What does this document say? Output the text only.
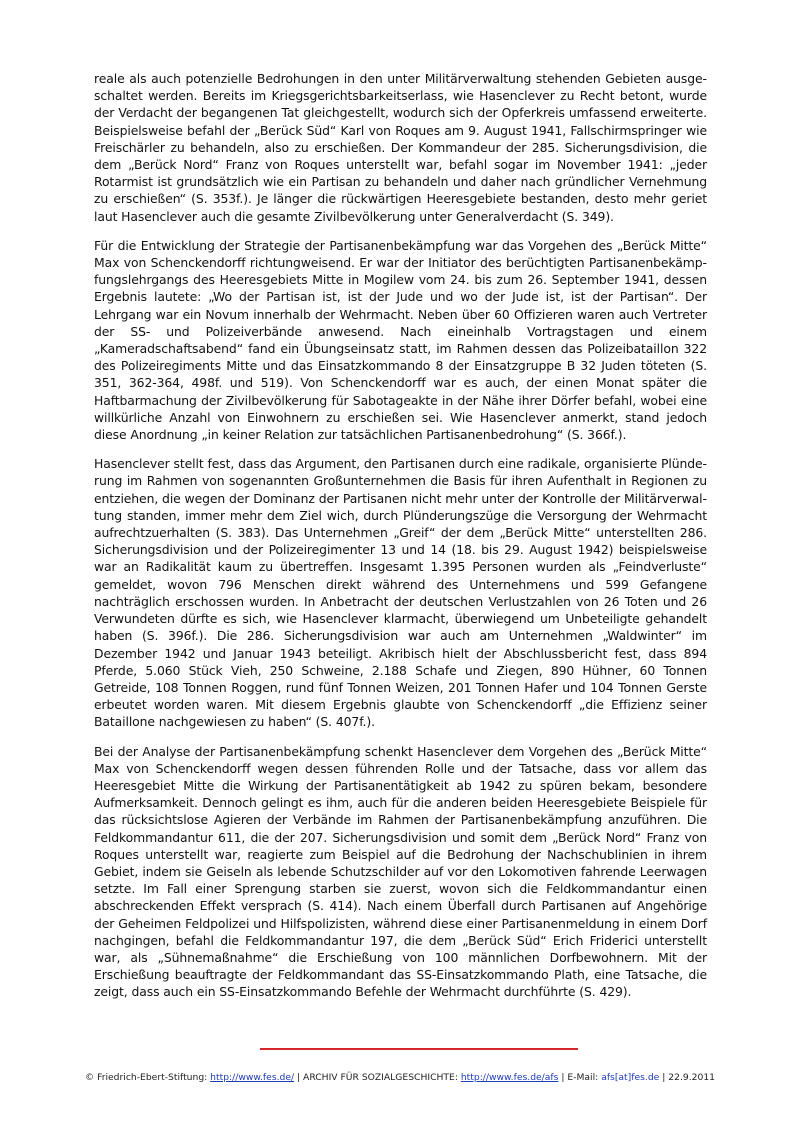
reale als auch potenzielle Bedrohungen in den unter Militärverwaltung stehenden Gebieten ausgeschaltet werden. Bereits im Kriegsgerichtsbarkeitserlass, wie Hasenclever zu Recht betont, wurde der Verdacht der begangenen Tat gleichgestellt, wodurch sich der Opferkreis umfassend erweiterte. Beispielsweise befahl der „Berück Süd“ Karl von Roques am 9. August 1941, Fallschirmspringer wie Freischärler zu behandeln, also zu erschießen. Der Kommandeur der 285. Sicherungsdivision, die dem „Berück Nord“ Franz von Roques unterstellt war, befahl sogar im November 1941: „jeder Rotarmist ist grundsätzlich wie ein Partisan zu behandeln und daher nach gründlicher Vernehmung zu erschießen“ (S. 353f.). Je länger die rückwärtigen Heeresgebiete bestanden, desto mehr geriet laut Hasenclever auch die gesamte Zivilbevölkerung unter Generalverdacht (S. 349).

Für die Entwicklung der Strategie der Partisanenbekämpfung war das Vorgehen des „Berück Mitte“ Max von Schenckendorff richtungweisend. Er war der Initiator des berüchtigten Partisanenbekämpfungslehrgangs des Heeresgebiets Mitte in Mogilew vom 24. bis zum 26. September 1941, dessen Ergebnis lautete: „Wo der Partisan ist, ist der Jude und wo der Jude ist, ist der Partisan“. Der Lehrgang war ein Novum innerhalb der Wehrmacht. Neben über 60 Offizieren waren auch Vertreter der SS- und Polizeiverbände anwesend. Nach eineinhalb Vortragstagen und einem „Kameradschaftsabend“ fand ein Übungseinsatz statt, im Rahmen dessen das Polizeibataillon 322 des Polizeiregiments Mitte und das Einsatzkommando 8 der Einsatzgruppe B 32 Juden töteten (S. 351, 362-364, 498f. und 519). Von Schenckendorff war es auch, der einen Monat später die Haftbarmachung der Zivilbevölkerung für Sabotageakte in der Nähe ihrer Dörfer befahl, wobei eine willkürliche Anzahl von Einwohnern zu erschießen sei. Wie Hasenclever anmerkt, stand jedoch diese Anordnung „in keiner Relation zur tatsächlichen Partisanenbedrohung“ (S. 366f.).

Hasenclever stellt fest, dass das Argument, den Partisanen durch eine radikale, organisierte Plünderung im Rahmen von sogenannten Großunternehmen die Basis für ihren Aufenthalt in Regionen zu entziehen, die wegen der Dominanz der Partisanen nicht mehr unter der Kontrolle der Militärverwaltung standen, immer mehr dem Ziel wich, durch Plünderungszüge die Versorgung der Wehrmacht aufrechtzuerhalten (S. 383). Das Unternehmen „Greif“ der dem „Berück Mitte“ unterstellten 286. Sicherungsdivision und der Polizeiregimenter 13 und 14 (18. bis 29. August 1942) beispielsweise war an Radikalität kaum zu übertreffen. Insgesamt 1.395 Personen wurden als „Feindverluste“ gemeldet, wovon 796 Menschen direkt während des Unternehmens und 599 Gefangene nachträglich erschossen wurden. In Anbetracht der deutschen Verlustzahlen von 26 Toten und 26 Verwundeten dürfte es sich, wie Hasenclever klarmacht, überwiegend um Unbeteiligte gehandelt haben (S. 396f.). Die 286. Sicherungsdivision war auch am Unternehmen „Waldwinter“ im Dezember 1942 und Januar 1943 beteiligt. Akribisch hielt der Abschlussbericht fest, dass 894 Pferde, 5.060 Stück Vieh, 250 Schweine, 2.188 Schafe und Ziegen, 890 Hühner, 60 Tonnen Getreide, 108 Tonnen Roggen, rund fünf Tonnen Weizen, 201 Tonnen Hafer und 104 Tonnen Gerste erbeutet worden waren. Mit diesem Ergebnis glaubte von Schenckendorff „die Effizienz seiner Bataillone nachgewiesen zu haben“ (S. 407f.).

Bei der Analyse der Partisanenbekämpfung schenkt Hasenclever dem Vorgehen des „Berück Mitte“ Max von Schenckendorff wegen dessen führenden Rolle und der Tatsache, dass vor allem das Heeresgebiet Mitte die Wirkung der Partisanentätigkeit ab 1942 zu spüren bekam, besondere Aufmerksamkeit. Dennoch gelingt es ihm, auch für die anderen beiden Heeresgebiete Beispiele für das rücksichtslose Agieren der Verbände im Rahmen der Partisanenbekämpfung anzuführen. Die Feldkommandantur 611, die der 207. Sicherungsdivision und somit dem „Berück Nord“ Franz von Roques unterstellt war, reagierte zum Beispiel auf die Bedrohung der Nachschublinien in ihrem Gebiet, indem sie Geiseln als lebende Schutzschilder auf vor den Lokomotiven fahrende Leerwagen setzte. Im Fall einer Sprengung starben sie zuerst, wovon sich die Feldkommandantur einen abschreckenden Effekt versprach (S. 414). Nach einem Überfall durch Partisanen auf Angehörige der Geheimen Feldpolizei und Hilfspolizisten, während diese einer Partisanenmeldung in einem Dorf nachgingen, befahl die Feldkommandantur 197, die dem „Berück Süd“ Erich Friderici unterstellt war, als „Sühnemaßnahme“ die Erschießung von 100 männlichen Dorfbewohnern. Mit der Erschießung beauftragte der Feldkommandant das SS-Einsatzkommando Plath, eine Tatsache, die zeigt, dass auch ein SS-Einsatzkommando Befehle der Wehrmacht durchführte (S. 429).

© Friedrich-Ebert-Stiftung: http://www.fes.de/ | ARCHIV FÜR SOZIALGESCHICHTE: http://www.fes.de/afs | E-Mail: afs[at]fes.de | 22.9.2011
